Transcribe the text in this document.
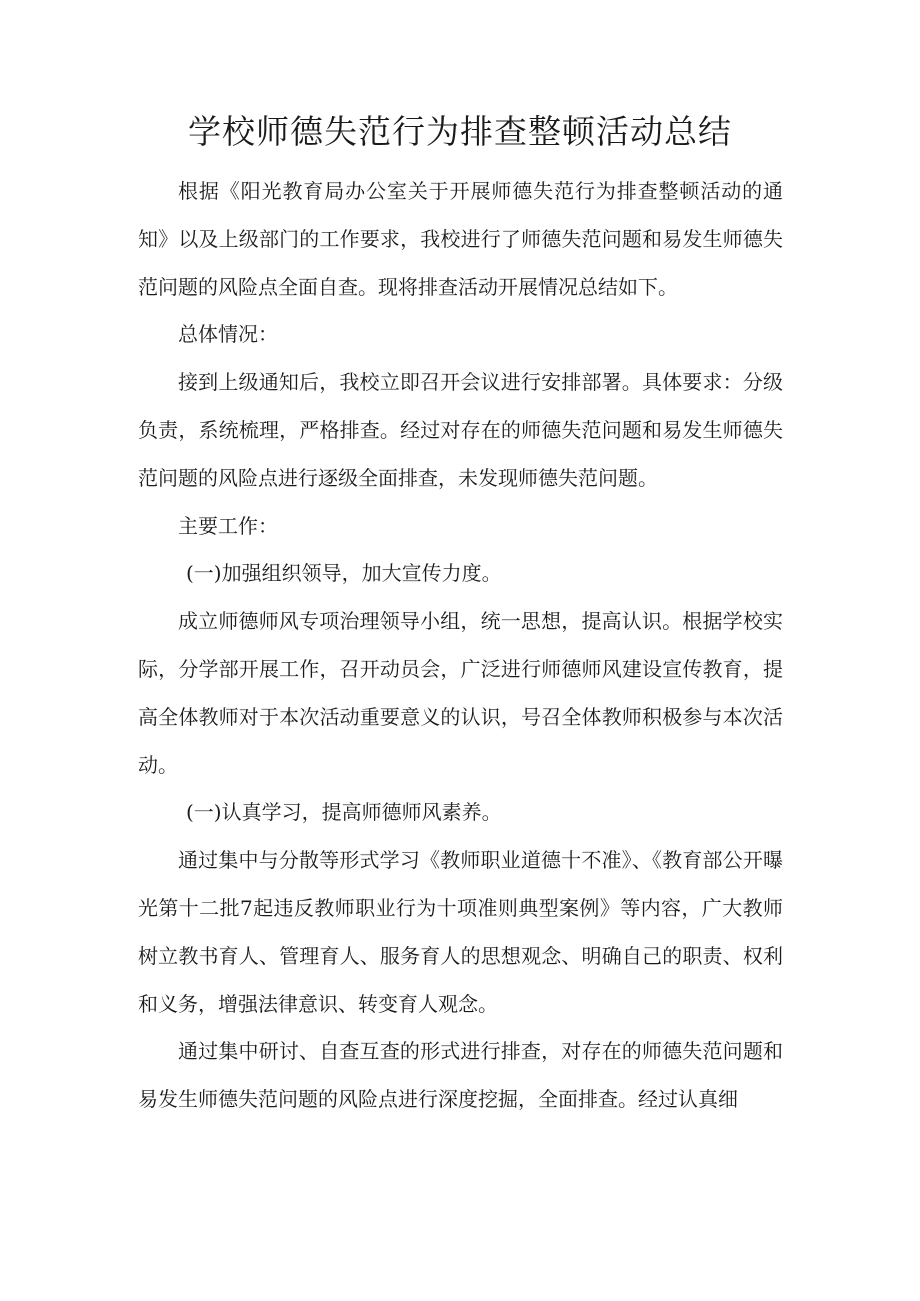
学校师德失范行为排查整顿活动总结

根据《阳光教育局办公室关于开展师德失范行为排查整顿活动的通知》以及上级部门的工作要求，我校进行了师德失范问题和易发生师德失范问题的风险点全面自查。现将排查活动开展情况总结如下。

总体情况：

接到上级通知后，我校立即召开会议进行安排部署。具体要求：分级负责，系统梳理，严格排查。经过对存在的师德失范问题和易发生师德失范问题的风险点进行逐级全面排查，未发现师德失范问题。

主要工作：

(一)加强组织领导，加大宣传力度。

成立师德师风专项治理领导小组，统一思想，提高认识。根据学校实际，分学部开展工作，召开动员会，广泛进行师德师风建设宣传教育，提高全体教师对于本次活动重要意义的认识，号召全体教师积极参与本次活动。

(一)认真学习，提高师德师风素养。

通过集中与分散等形式学习《教师职业道德十不准》、《教育部公开曝光第十二批7起违反教师职业行为十项准则典型案例》等内容，广大教师树立教书育人、管理育人、服务育人的思想观念、明确自己的职责、权利和义务，增强法律意识、转变育人观念。

通过集中研讨、自查互查的形式进行排查，对存在的师德失范问题和易发生师德失范问题的风险点进行深度挖掘，全面排查。经过认真细
